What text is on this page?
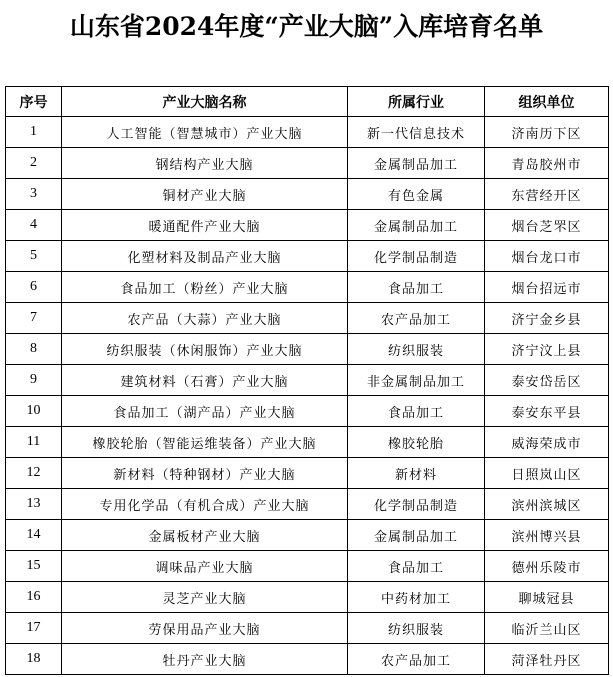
山东省2024年度“产业大脑”入库培育名单
序号	产业大脑名称	所属行业	组织单位
1	人工智能（智慧城市）产业大脑	新一代信息技术	济南历下区
2	钢结构产业大脑	金属制品加工	青岛胶州市
3	铜材产业大脑	有色金属	东营经开区
4	暖通配件产业大脑	金属制品加工	烟台芝罘区
5	化塑材料及制品产业大脑	化学制品制造	烟台龙口市
6	食品加工（粉丝）产业大脑	食品加工	烟台招远市
7	农产品（大蒜）产业大脑	农产品加工	济宁金乡县
8	纺织服装（休闲服饰）产业大脑	纺织服装	济宁汶上县
9	建筑材料（石膏）产业大脑	非金属制品加工	泰安岱岳区
10	食品加工（湖产品）产业大脑	食品加工	泰安东平县
11	橡胶轮胎（智能运维装备）产业大脑	橡胶轮胎	威海荣成市
12	新材料（特种钢材）产业大脑	新材料	日照岚山区
13	专用化学品（有机合成）产业大脑	化学制品制造	滨州滨城区
14	金属板材产业大脑	金属制品加工	滨州博兴县
15	调味品产业大脑	食品加工	德州乐陵市
16	灵芝产业大脑	中药材加工	聊城冠县
17	劳保用品产业大脑	纺织服装	临沂兰山区
18	牡丹产业大脑	农产品加工	菏泽牡丹区
